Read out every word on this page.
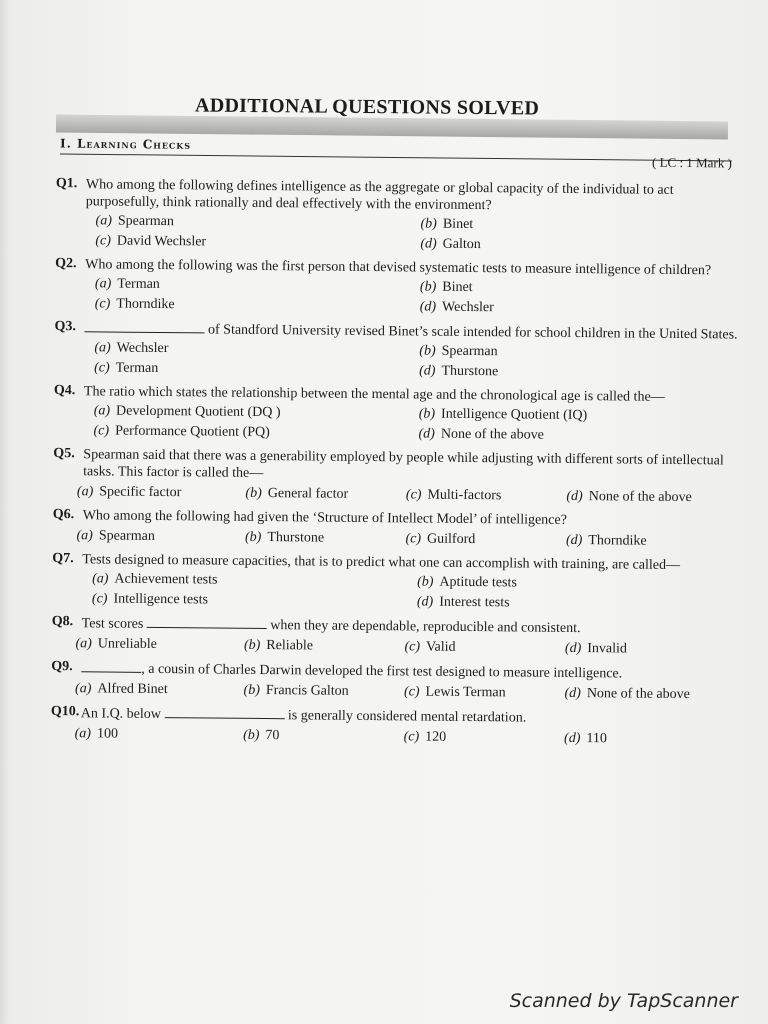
ADDITIONAL QUESTIONS SOLVED
I. Learning Checks
( LC : 1 Mark )
Q1. Who among the following defines intelligence as the aggregate or global capacity of the individual to act purposefully, think rationally and deal effectively with the environment?
(a) Spearman	(b) Binet
(c) David Wechsler	(d) Galton
Q2. Who among the following was the first person that devised systematic tests to measure intelligence of children?
(a) Terman	(b) Binet
(c) Thorndike	(d) Wechsler
Q3.	of Standford University revised Binet’s scale intended for school children in the United States.
(a) Wechsler	(b) Spearman
(c) Terman	(d) Thurstone
Q4. The ratio which states the relationship between the mental age and the chronological age is called the—
(a) Development Quotient (DQ )	(b) Intelligence Quotient (IQ)
(c) Performance Quotient (PQ)	(d) None of the above
Q5. Spearman said that there was a generability employed by people while adjusting with different sorts of intellectual tasks. This factor is called the—
(a) Specific factor	(b) General factor	(c) Multi-factors	(d) None of the above
Q6. Who among the following had given the ‘Structure of Intellect Model’ of intelligence?
(a) Spearman	(b) Thurstone	(c) Guilford	(d) Thorndike
Q7. Tests designed to measure capacities, that is to predict what one can accomplish with training, are called—
(a) Achievement tests	(b) Aptitude tests
(c) Intelligence tests	(d) Interest tests
Q8. Test scores	when they are dependable, reproducible and consistent.
(a) Unreliable	(b) Reliable	(c) Valid	(d) Invalid
Q9.	, a cousin of Charles Darwin developed the first test designed to measure intelligence.
(a) Alfred Binet	(b) Francis Galton	(c) Lewis Terman	(d) None of the above
Q10. An I.Q. below	is generally considered mental retardation.
(a) 100	(b) 70	(c) 120	(d) 110
Scanned by TapScanner
